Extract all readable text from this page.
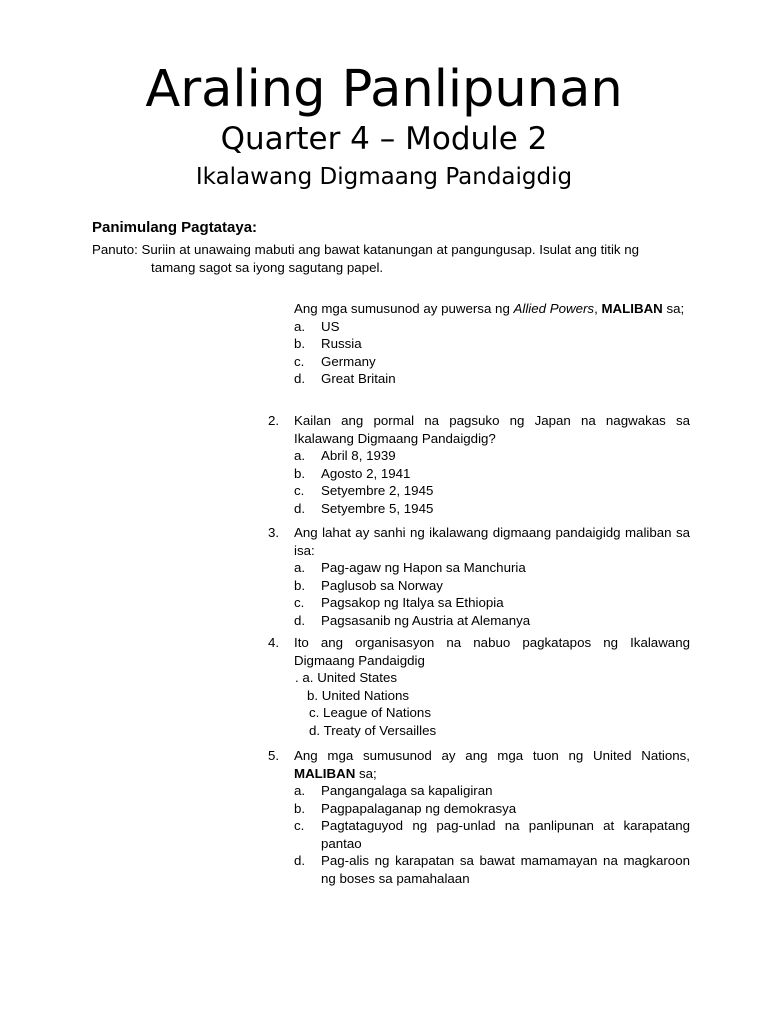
Araling Panlipunan
Quarter 4 – Module 2
Ikalawang Digmaang Pandaigdig
Panimulang Pagtataya:

Panuto: Suriin at unawaing mabuti ang bawat katanungan at pangungusap. Isulat ang titik ng
tamang sagot sa iyong sagutang papel.

Ang mga sumusunod ay puwersa ng Allied Powers, MALIBAN sa;
a. US
b. Russia
c. Germany
d. Great Britain
2.	Kailan ang pormal na pagsuko ng Japan na nagwakas sa Ikalawang Digmaang Pandaigdig?
a. Abril 8, 1939
b. Agosto 2, 1941
c. Setyembre 2, 1945
d. Setyembre 5, 1945
3.	Ang lahat ay sanhi ng ikalawang digmaang pandaigidg maliban sa isa:
a. Pag-agaw ng Hapon sa Manchuria
b. Paglusob sa Norway
c. Pagsakop ng Italya sa Ethiopia
d. Pagsasanib ng Austria at Alemanya
4.	Ito ang organisasyon na nabuo pagkatapos ng Ikalawang Digmaang Pandaigdig
. a. United States
b. United Nations
c. League of Nations
d. Treaty of Versailles
5.	Ang mga sumusunod ay ang mga tuon ng United Nations, MALIBAN sa;
a. Pangangalaga sa kapaligiran
b. Pagpapalaganap ng demokrasya
c. Pagtataguyod ng pag-unlad na panlipunan at karapatang pantao
d. Pag-alis ng karapatan sa bawat mamamayan na magkaroon ng boses sa pamahalaan
